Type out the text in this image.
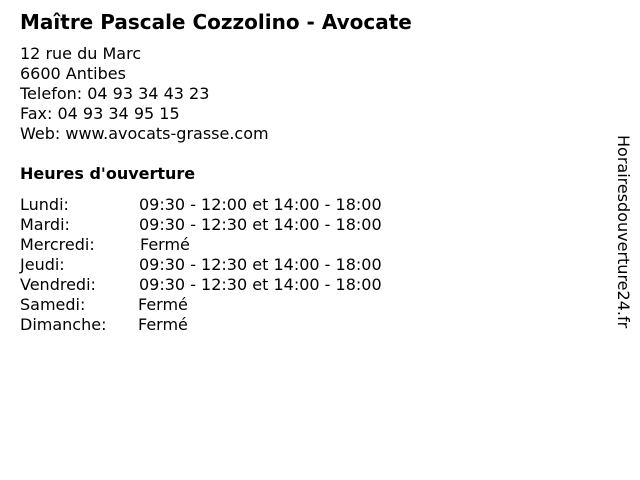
Maître Pascale Cozzolino - Avocate
12 rue du Marc
6600 Antibes
Telefon: 04 93 34 43 23
Fax: 04 93 34 95 15
Web: www.avocats-grasse.com
Heures d'ouverture
Lundi:	09:30 - 12:00 et 14:00 - 18:00
Mardi:	09:30 - 12:30 et 14:00 - 18:00
Mercredi:	Fermé
Jeudi:	09:30 - 12:30 et 14:00 - 18:00
Vendredi:	09:30 - 12:30 et 14:00 - 18:00
Samedi:	Fermé
Dimanche: Fermé	Horairesdouverture24.fr
